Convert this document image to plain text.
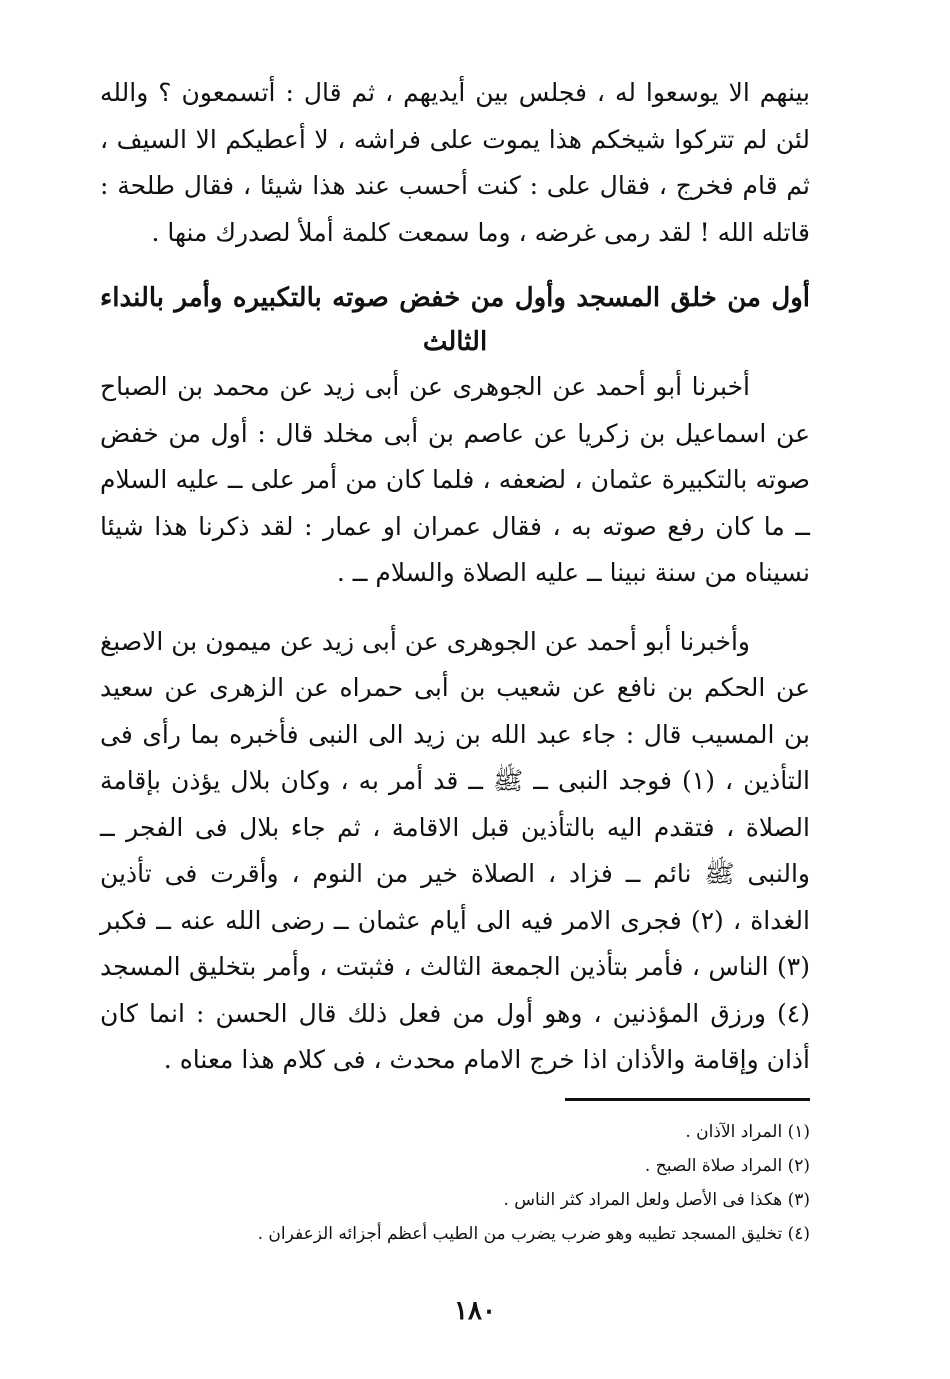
بينهم الا يوسعوا له ، فجلس بين أيديهم ، ثم قال : أتسمعون ؟ والله لئن لم تتركوا شيخكم هذا يموت على فراشه ، لا أعطيكم الا السيف ، ثم قام فخرج ، فقال على : كنت أحسب عند هذا شيئا ، فقال طلحة : قاتله الله ! لقد رمى غرضه ، وما سمعت كلمة أملأ لصدرك منها .

أول من خلق المسجد وأول من خفض صوته بالتكبيره وأمر بالنداء
الثالث

أخبرنا أبو أحمد عن الجوهرى عن أبى زيد عن محمد بن الصباح عن اسماعيل بن زكريا عن عاصم بن أبى مخلد قال : أول من خفض صوته بالتكبيرة عثمان ، لضعفه ، فلما كان من أمر على ــ عليه السلام ــ ما كان رفع صوته به ، فقال عمران او عمار : لقد ذكرنا هذا شيئا نسيناه من سنة نبينا ــ عليه الصلاة والسلام ــ .

وأخبرنا أبو أحمد عن الجوهرى عن أبى زيد عن ميمون بن الاصبغ عن الحكم بن نافع عن شعيب بن أبى حمراه عن الزهرى عن سعيد بن المسيب قال : جاء عبد الله بن زيد الى النبى فأخبره بما رأى فى التأذين ، (١) فوجد النبى ــ ﷺ ــ قد أمر به ، وكان بلال يؤذن بإقامة الصلاة ، فتقدم اليه بالتأذين قبل الاقامة ، ثم جاء بلال فى الفجر ــ والنبى ﷺ نائم ــ فزاد ، الصلاة خير من النوم ، وأقرت فى تأذين الغداة ، (٢) فجرى الامر فيه الى أيام عثمان ــ رضى الله عنه ــ فكبر (٣) الناس ، فأمر بتأذين الجمعة الثالث ، فثبتت ، وأمر بتخليق المسجد (٤) ورزق المؤذنين ، وهو أول من فعل ذلك قال الحسن : انما كان أذان وإقامة والأذان اذا خرج الامام محدث ، فى كلام هذا معناه .

(١) المراد الآذان .

(٢) المراد صلاة الصبح .

(٣) هكذا فى الأصل ولعل المراد كثر الناس .

(٤) تخليق المسجد تطيبه وهو ضرب يضرب من الطيب أعظم أجزائه الزعفران .

١٨٠
